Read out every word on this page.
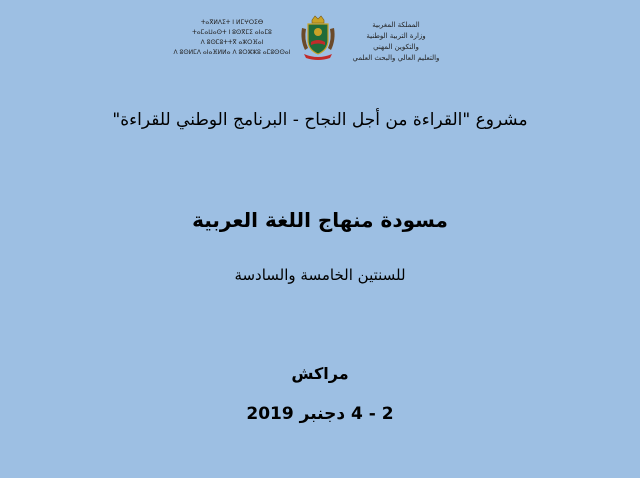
ⵜⴰⴳⵍⴷⵉⵜ ⵏ ⵍⵎⵖⵔⵉⴱ
ⵜⴰⵎⴰⵡⴰⵙⵜ ⵏ ⵓⵙⴳⵎⵉ ⴰⵏⴰⵎⵓ
ⴷ ⵓⵙⵎⵓⵜⵜⴳ ⴰⵣⵔⴼⴰⵏ
ⴷ ⵓⵙⵍⵎⴷ ⴰⵏⴰⴼⵍⵍⴰ ⴷ ⵓⵔⵣⵣⵓ ⴰⵎⵓⵙⵙⴰⵏ
المملكة المغربية
وزارة التربية الوطنية
والتكوين المهني
والتعليم العالي والبحث العلمي
مشروع "القراءة من أجل النجاح - البرنامج الوطني للقراءة"
مسودة منهاج اللغة العربية
للسنتين الخامسة والسادسة
مراكش
2 - 4 دجنبر 2019
